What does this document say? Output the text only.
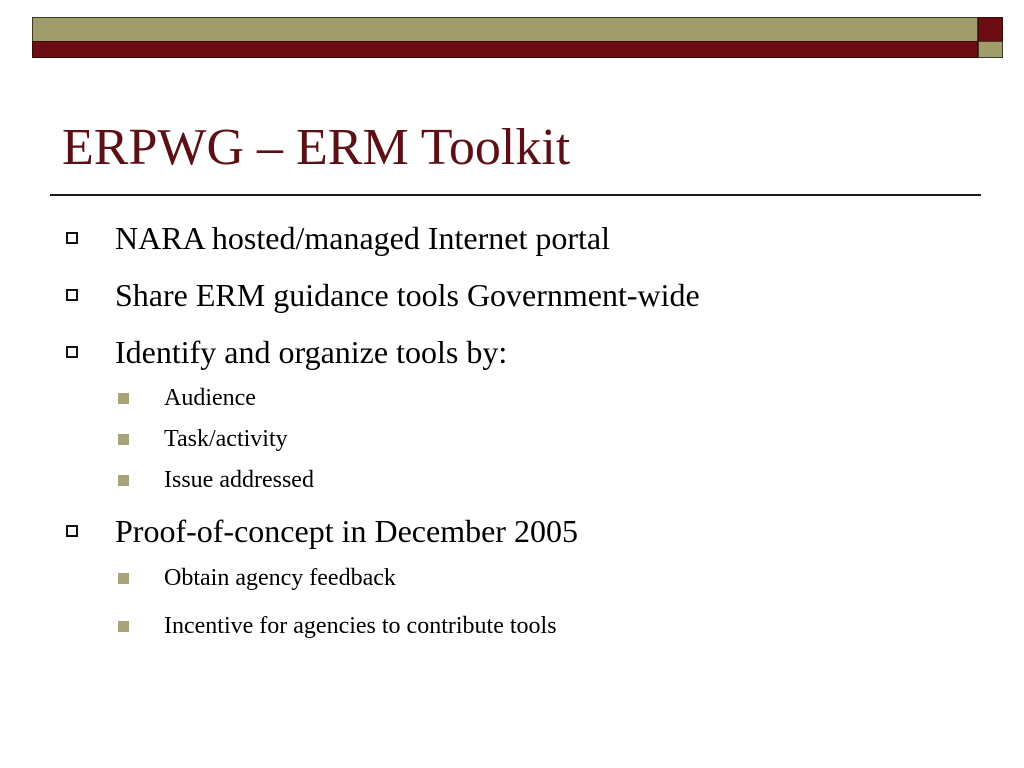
ERPWG – ERM Toolkit
NARA hosted/managed Internet portal
Share ERM guidance tools Government-wide
Identify and organize tools by:
Audience
Task/activity
Issue addressed
Proof-of-concept in December 2005
Obtain agency feedback
Incentive for agencies to contribute tools
